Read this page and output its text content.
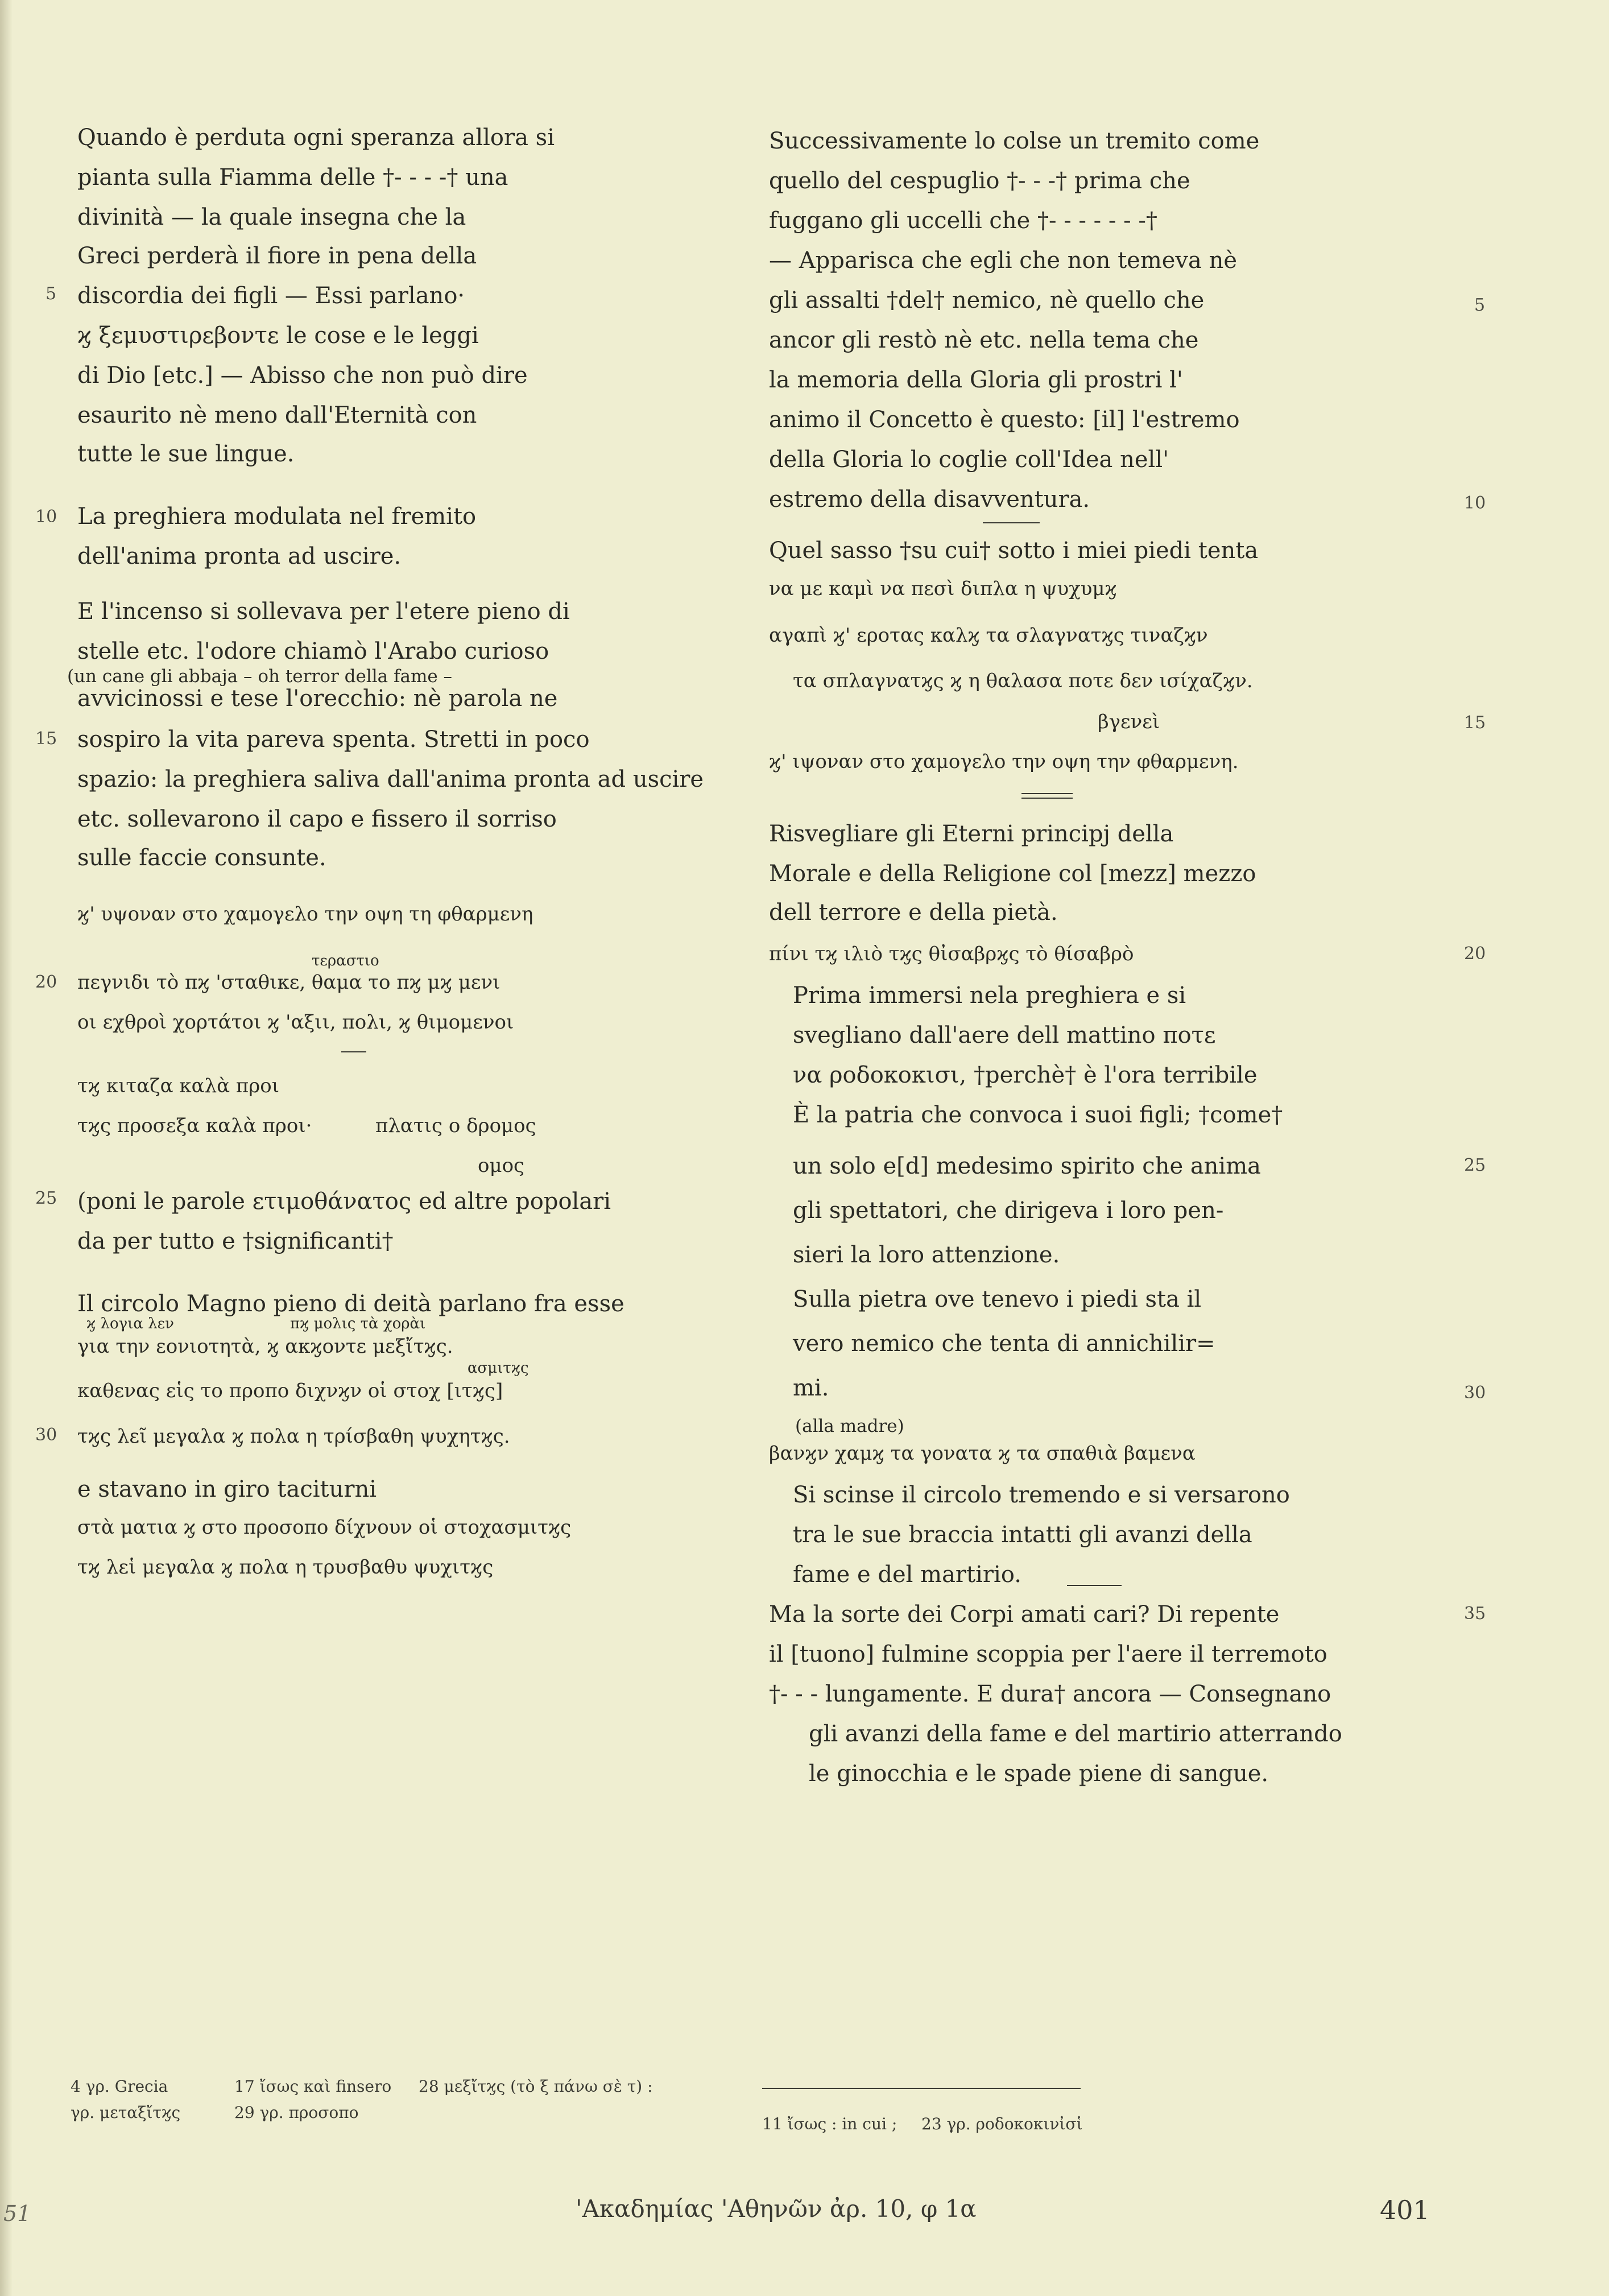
Quando è perduta ogni speranza allora si
pianta sulla Fiamma delle †- - - -† una
divinità — la quale insegna che la
Greci perderà il fiore in pena della
discordia dei figli — Essi parlano·
ϗ ξεμυστιρεβοντε le cose e le leggi
di Dio [etc.] — Abisso che non può dire
esaurito nè meno dall'Eternità con
tutte le sue lingue.
La preghiera modulata nel fremito
dell'anima pronta ad uscire.
E l'incenso si sollevava per l'etere pieno di
stelle etc. l'odore chiamò l'Arabo curioso
(un cane gli abbaja – oh terror della fame –
avvicinossi e tese l'orecchio: nè parola ne
sospiro la vita pareva spenta. Stretti in poco
spazio: la preghiera saliva dall'anima pronta ad uscire
etc. sollevarono il capo e fissero il sorriso
sulle faccie consunte.
ϗ' υψοναν στο χαμογελο την οψη τη φθαρμενη
τεραστιο
πεγνιδι τὸ πϗ 'σταθικε, θαμα το πϗ μϗ μενι
οι εχθροὶ χορτάτοι ϗ 'αξιι, πολι, ϗ θιμομενοι
τϗ κιταζα καλὰ προι
τϗς προσεξα καλὰ προι·	πλατις ο δρομος
ομος
(poni le parole ετιμοθάνατος ed altre popolari
da per tutto e †significanti†
Il circolo Magno pieno di deità parlano fra esse
ϗ λογια λεν	πϗ μολις τὰ χορὰι
για την εονιοτητὰ, ϗ ακϗοντε μεξἴτϗς.
ασμιτϗς
καθενας εἱς το προπο διχνϗν οἱ στοχ [ιτϗς]
τϗς λεῖ μεγαλα ϗ πολα η τρίσβαθη ψυχητϗς.
e stavano in giro taciturni
στὰ ματια ϗ στο προσοπο δίχνουν οἱ στοχασμιτϗς
τϗ λεἱ μεγαλα ϗ πολα η τρυσβαθυ ψυχιτϗς
5
10
15
20
25
30
Successivamente lo colse un tremito come
quello del cespuglio †- - -† prima che
fuggano gli uccelli che †- - - - - - -†
— Apparisca che egli che non temeva nè
gli assalti †del† nemico, nè quello che
ancor gli restò nè etc. nella tema che
la memoria della Gloria gli prostri l'
animo il Concetto è questo: [il] l'estremo
della Gloria lo coglie coll'Idea nell'
estremo della disavventura.
Quel sasso †su cui† sotto i miei piedi tenta
να με καμὶ να πεσὶ διπλα η ψυχυμϗ
αγαπὶ ϗ' εροτας καλϗ τα σλαγνατϗς τιναζϗν
τα σπλαγνατϗς ϗ η θαλασα ποτε δεν ισίχαζϗν.
βγενεὶ
ϗ' ιψοναν στο χαμογελο την οψη την φθαρμενη.
Risvegliare gli Eterni principj della
Morale e della Religione col [mezz] mezzo
dell terrore e della pietà.
πίνι τϗ ιλιὸ τϗς θἰσαβρϗς τὸ θίσαβρὸ
Prima immersi nela preghiera e si
svegliano dall'aere dell mattino ποτε
να ροδοκοκισι, †perchè† è l'ora terribile
È la patria che convoca i suoi figli; †come†
un solo e[d] medesimo spirito che anima
gli spettatori, che dirigeva i loro pen-
sieri la loro attenzione.
Sulla pietra ove tenevo i piedi sta il
vero nemico che tenta di annichilir=
mi.
(alla madre)
βανϗν χαμϗ τα γονατα ϗ τα σπαθιὰ βαμενα
Si scinse il circolo tremendo e si versarono
tra le sue braccia intatti gli avanzi della
fame e del martirio.
Ma la sorte dei Corpi amati cari? Di repente
il [tuono] fulmine scoppia per l'aere il terremoto
†- - - lungamente. E dura† ancora — Consegnano
gli avanzi della fame e del martirio atterrando
le ginocchia e le spade piene di sangue.
5
10
15
20
25
30
35
4 γρ. Grecia	17 ἴσως καὶ finsero 28 μεξἴτϗς (τὸ ξ πάνω σὲ τ) :
γρ. μεταξἴτϗς	29 γρ. προσοπο
11 ἴσως : in cui ; 23 γρ. ροδοκοκινἰσἱ
51	'Ακαδημίας 'Αθηνῶν ἀρ. 10, φ 1α	401
